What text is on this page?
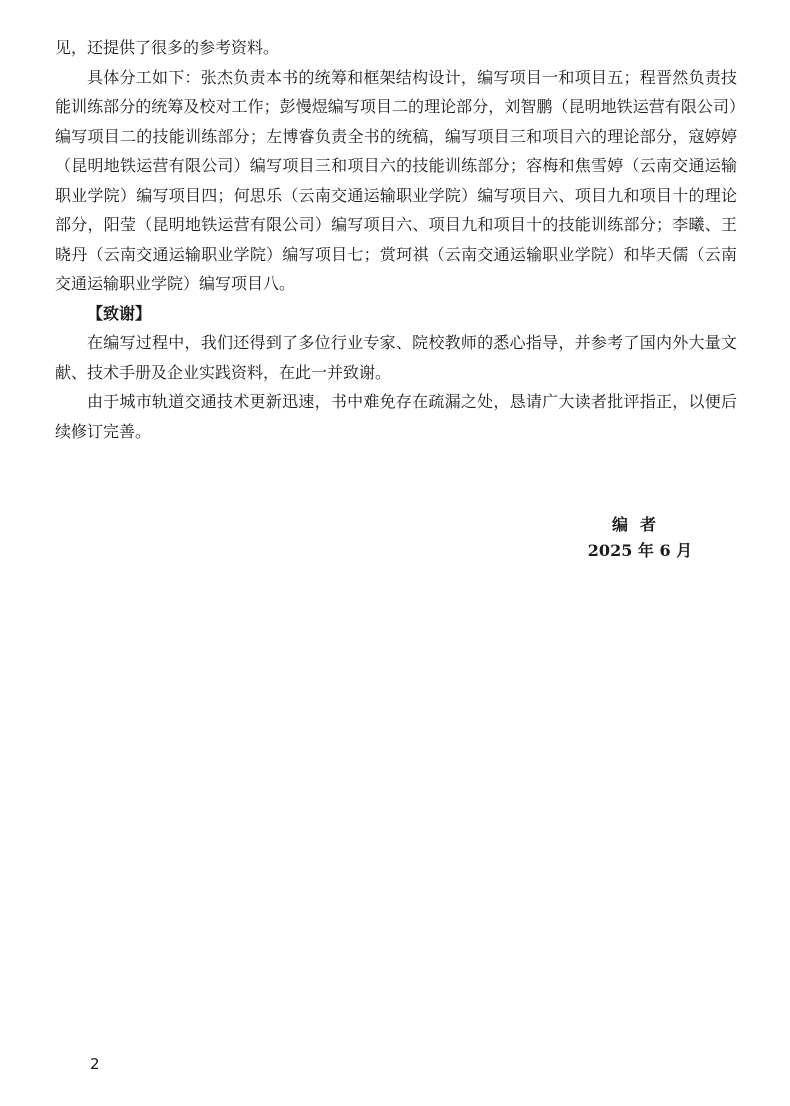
见，还提供了很多的参考资料。

具体分工如下：张杰负责本书的统筹和框架结构设计，编写项目一和项目五；程晋然负责技能训练部分的统筹及校对工作；彭慢煜编写项目二的理论部分，刘智鹏（昆明地铁运营有限公司）编写项目二的技能训练部分；左博睿负责全书的统稿，编写项目三和项目六的理论部分，寇婷婷（昆明地铁运营有限公司）编写项目三和项目六的技能训练部分；容梅和焦雪婷（云南交通运输职业学院）编写项目四；何思乐（云南交通运输职业学院）编写项目六、项目九和项目十的理论部分，阳莹（昆明地铁运营有限公司）编写项目六、项目九和项目十的技能训练部分；李曦、王晓丹（云南交通运输职业学院）编写项目七；赏珂祺（云南交通运输职业学院）和毕天儒（云南交通运输职业学院）编写项目八。

【致谢】

在编写过程中，我们还得到了多位行业专家、院校教师的悉心指导，并参考了国内外大量文献、技术手册及企业实践资料，在此一并致谢。

由于城市轨道交通技术更新迅速，书中难免存在疏漏之处，恳请广大读者批评指正，以便后续修订完善。

编者
2025 年 6 月
2
